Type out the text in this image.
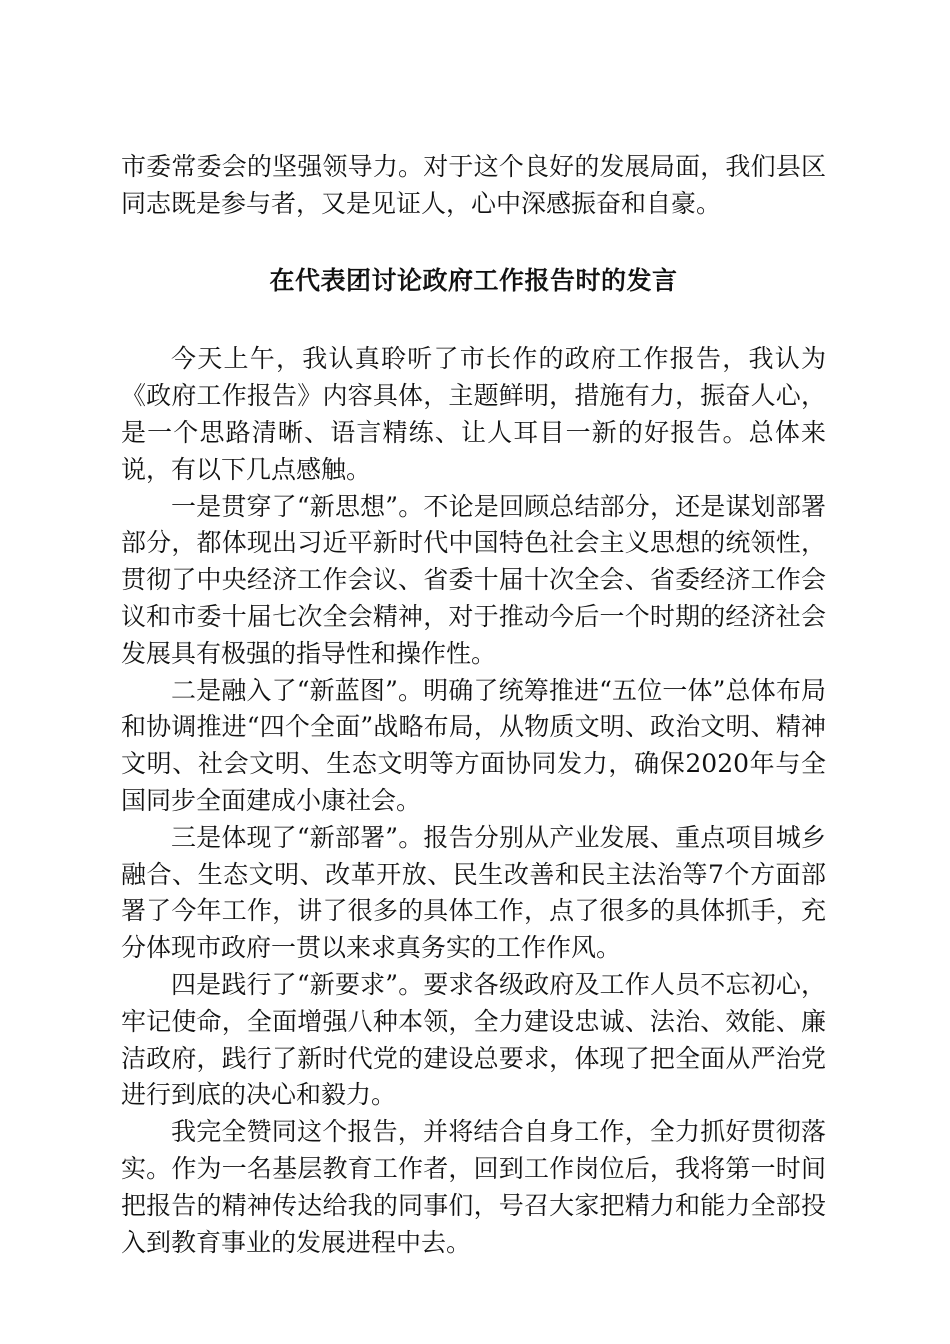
市委常委会的坚强领导力。对于这个良好的发展局面，我们县区同志既是参与者，又是见证人，心中深感振奋和自豪。

在代表团讨论政府工作报告时的发言

今天上午，我认真聆听了市长作的政府工作报告，我认为《政府工作报告》内容具体，主题鲜明，措施有力，振奋人心，是一个思路清晰、语言精练、让人耳目一新的好报告。总体来说，有以下几点感触。

一是贯穿了“新思想”。不论是回顾总结部分，还是谋划部署部分，都体现出习近平新时代中国特色社会主义思想的统领性，贯彻了中央经济工作会议、省委十届十次全会、省委经济工作会议和市委十届七次全会精神，对于推动今后一个时期的经济社会发展具有极强的指导性和操作性。

二是融入了“新蓝图”。明确了统筹推进“五位一体”总体布局和协调推进“四个全面”战略布局，从物质文明、政治文明、精神文明、社会文明、生态文明等方面协同发力，确保2020年与全国同步全面建成小康社会。

三是体现了“新部署”。报告分别从产业发展、重点项目城乡融合、生态文明、改革开放、民生改善和民主法治等7个方面部署了今年工作，讲了很多的具体工作，点了很多的具体抓手，充分体现市政府一贯以来求真务实的工作作风。

四是践行了“新要求”。要求各级政府及工作人员不忘初心，牢记使命，全面增强八种本领，全力建设忠诚、法治、效能、廉洁政府，践行了新时代党的建设总要求，体现了把全面从严治党进行到底的决心和毅力。

我完全赞同这个报告，并将结合自身工作，全力抓好贯彻落实。作为一名基层教育工作者，回到工作岗位后，我将第一时间把报告的精神传达给我的同事们，号召大家把精力和能力全部投入到教育事业的发展进程中去。
